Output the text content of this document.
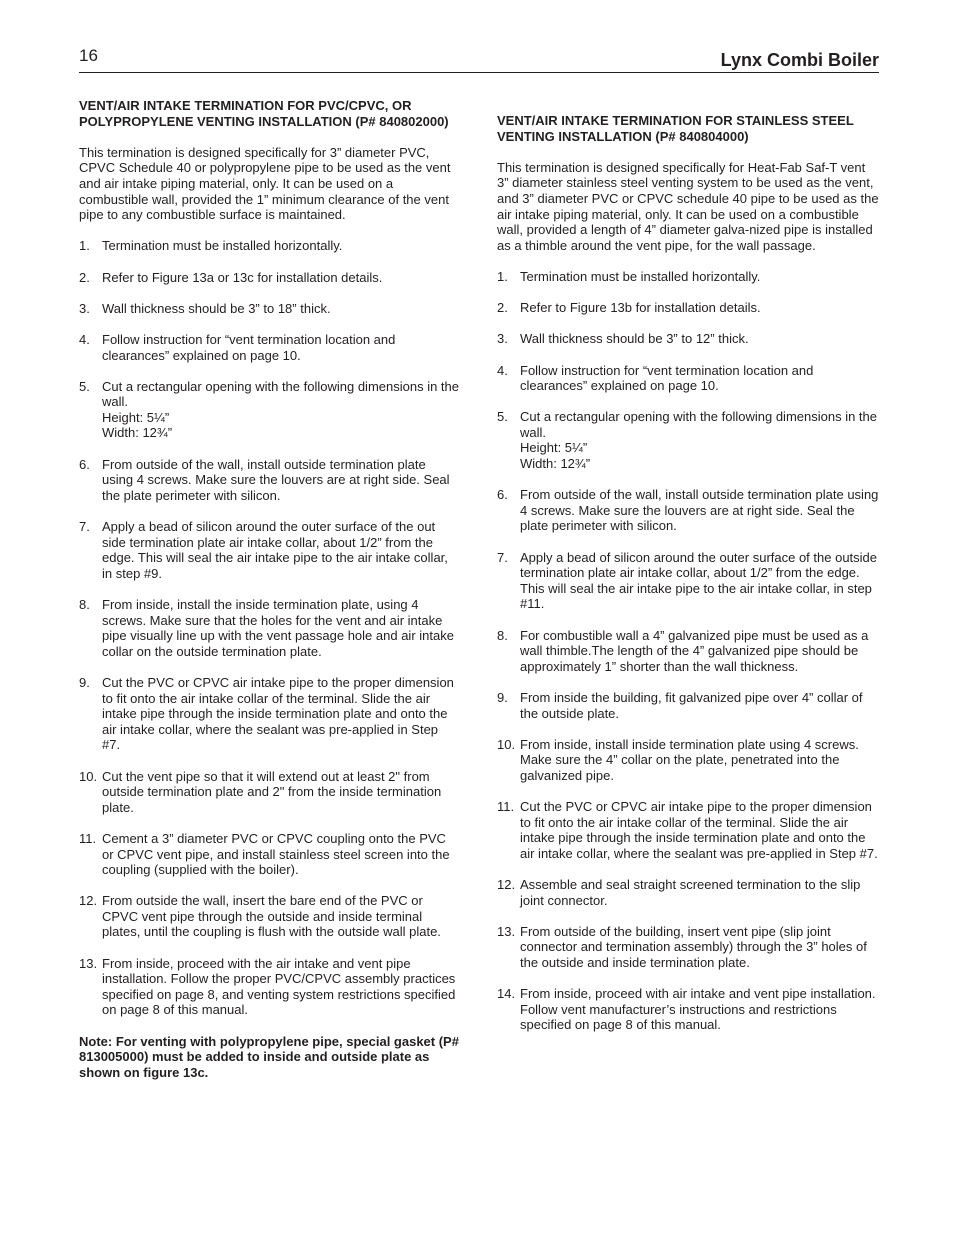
16	Lynx Combi Boiler

VENT/AIR INTAKE TERMINATION FOR PVC/CPVC, OR POLYPROPYLENE VENTING INSTALLATION (P# 840802000)

This termination is designed specifically for 3” diameter PVC, CPVC Schedule 40 or polypropylene pipe to be used as the vent and air intake piping material, only. It can be used on a combustible wall, provided the 1” minimum clearance of the vent pipe to any combustible surface is maintained.

1. Termination must be installed horizontally.
2. Refer to Figure 13a or 13c for installation details.
3. Wall thickness should be 3” to 18” thick.
4. Follow instruction for “vent termination location and clearances” explained on page 10.
5. Cut a rectangular opening with the following dimensions in the wall.
Height: 5¼”
Width: 12¾”
6. From outside of the wall, install outside termination plate using 4 screws. Make sure the louvers are at right side. Seal the plate perimeter with silicon.
7. Apply a bead of silicon around the outer surface of the out side termination plate air intake collar, about 1/2” from the edge. This will seal the air intake pipe to the air intake collar, in step #9.
8. From inside, install the inside termination plate, using 4 screws. Make sure that the holes for the vent and air intake pipe visually line up with the vent passage hole and air intake collar on the outside termination plate.
9. Cut the PVC or CPVC air intake pipe to the proper dimension to fit onto the air intake collar of the terminal. Slide the air intake pipe through the inside termination plate and onto the air intake collar, where the sealant was pre-applied in Step #7.
10. Cut the vent pipe so that it will extend out at least 2" from outside termination plate and 2" from the inside termination plate.
11. Cement a 3” diameter PVC or CPVC coupling onto the PVC or CPVC vent pipe, and install stainless steel screen into the coupling (supplied with the boiler).
12. From outside the wall, insert the bare end of the PVC or CPVC vent pipe through the outside and inside terminal plates, until the coupling is flush with the outside wall plate.
13. From inside, proceed with the air intake and vent pipe installation. Follow the proper PVC/CPVC assembly practices specified on page 8, and venting system restrictions specified on page 8 of this manual.

Note: For venting with polypropylene pipe, special gasket (P# 813005000) must be added to inside and outside plate as shown on figure 13c.

VENT/AIR INTAKE TERMINATION FOR STAINLESS STEEL VENTING INSTALLATION (P# 840804000)

This termination is designed specifically for Heat-Fab Saf-T vent 3” diameter stainless steel venting system to be used as the vent, and 3” diameter PVC or CPVC schedule 40 pipe to be used as the air intake piping material, only. It can be used on a combustible wall, provided a length of 4” diameter galva-nized pipe is installed as a thimble around the vent pipe, for the wall passage.

1. Termination must be installed horizontally.
2. Refer to Figure 13b for installation details.
3. Wall thickness should be 3” to 12” thick.
4. Follow instruction for “vent termination location and clearances” explained on page 10.
5. Cut a rectangular opening with the following dimensions in the wall.
Height: 5¼”
Width: 12¾”
6. From outside of the wall, install outside termination plate using 4 screws. Make sure the louvers are at right side. Seal the plate perimeter with silicon.
7. Apply a bead of silicon around the outer surface of the outside termination plate air intake collar, about 1/2” from the edge. This will seal the air intake pipe to the air intake collar, in step #11.
8. For combustible wall a 4” galvanized pipe must be used as a wall thimble.The length of the 4” galvanized pipe should be approximately 1” shorter than the wall thickness.
9. From inside the building, fit galvanized pipe over 4” collar of the outside plate.
10. From inside, install inside termination plate using 4 screws. Make sure the 4” collar on the plate, penetrated into the galvanized pipe.
11. Cut the PVC or CPVC air intake pipe to the proper dimension to fit onto the air intake collar of the terminal. Slide the air intake pipe through the inside termination plate and onto the air intake collar, where the sealant was pre-applied in Step #7.
12. Assemble and seal straight screened termination to the slip joint connector.
13. From outside of the building, insert vent pipe (slip joint connector and termination assembly) through the 3” holes of the outside and inside termination plate.
14. From inside, proceed with air intake and vent pipe installation. Follow vent manufacturer’s instructions and restrictions specified on page 8 of this manual.
